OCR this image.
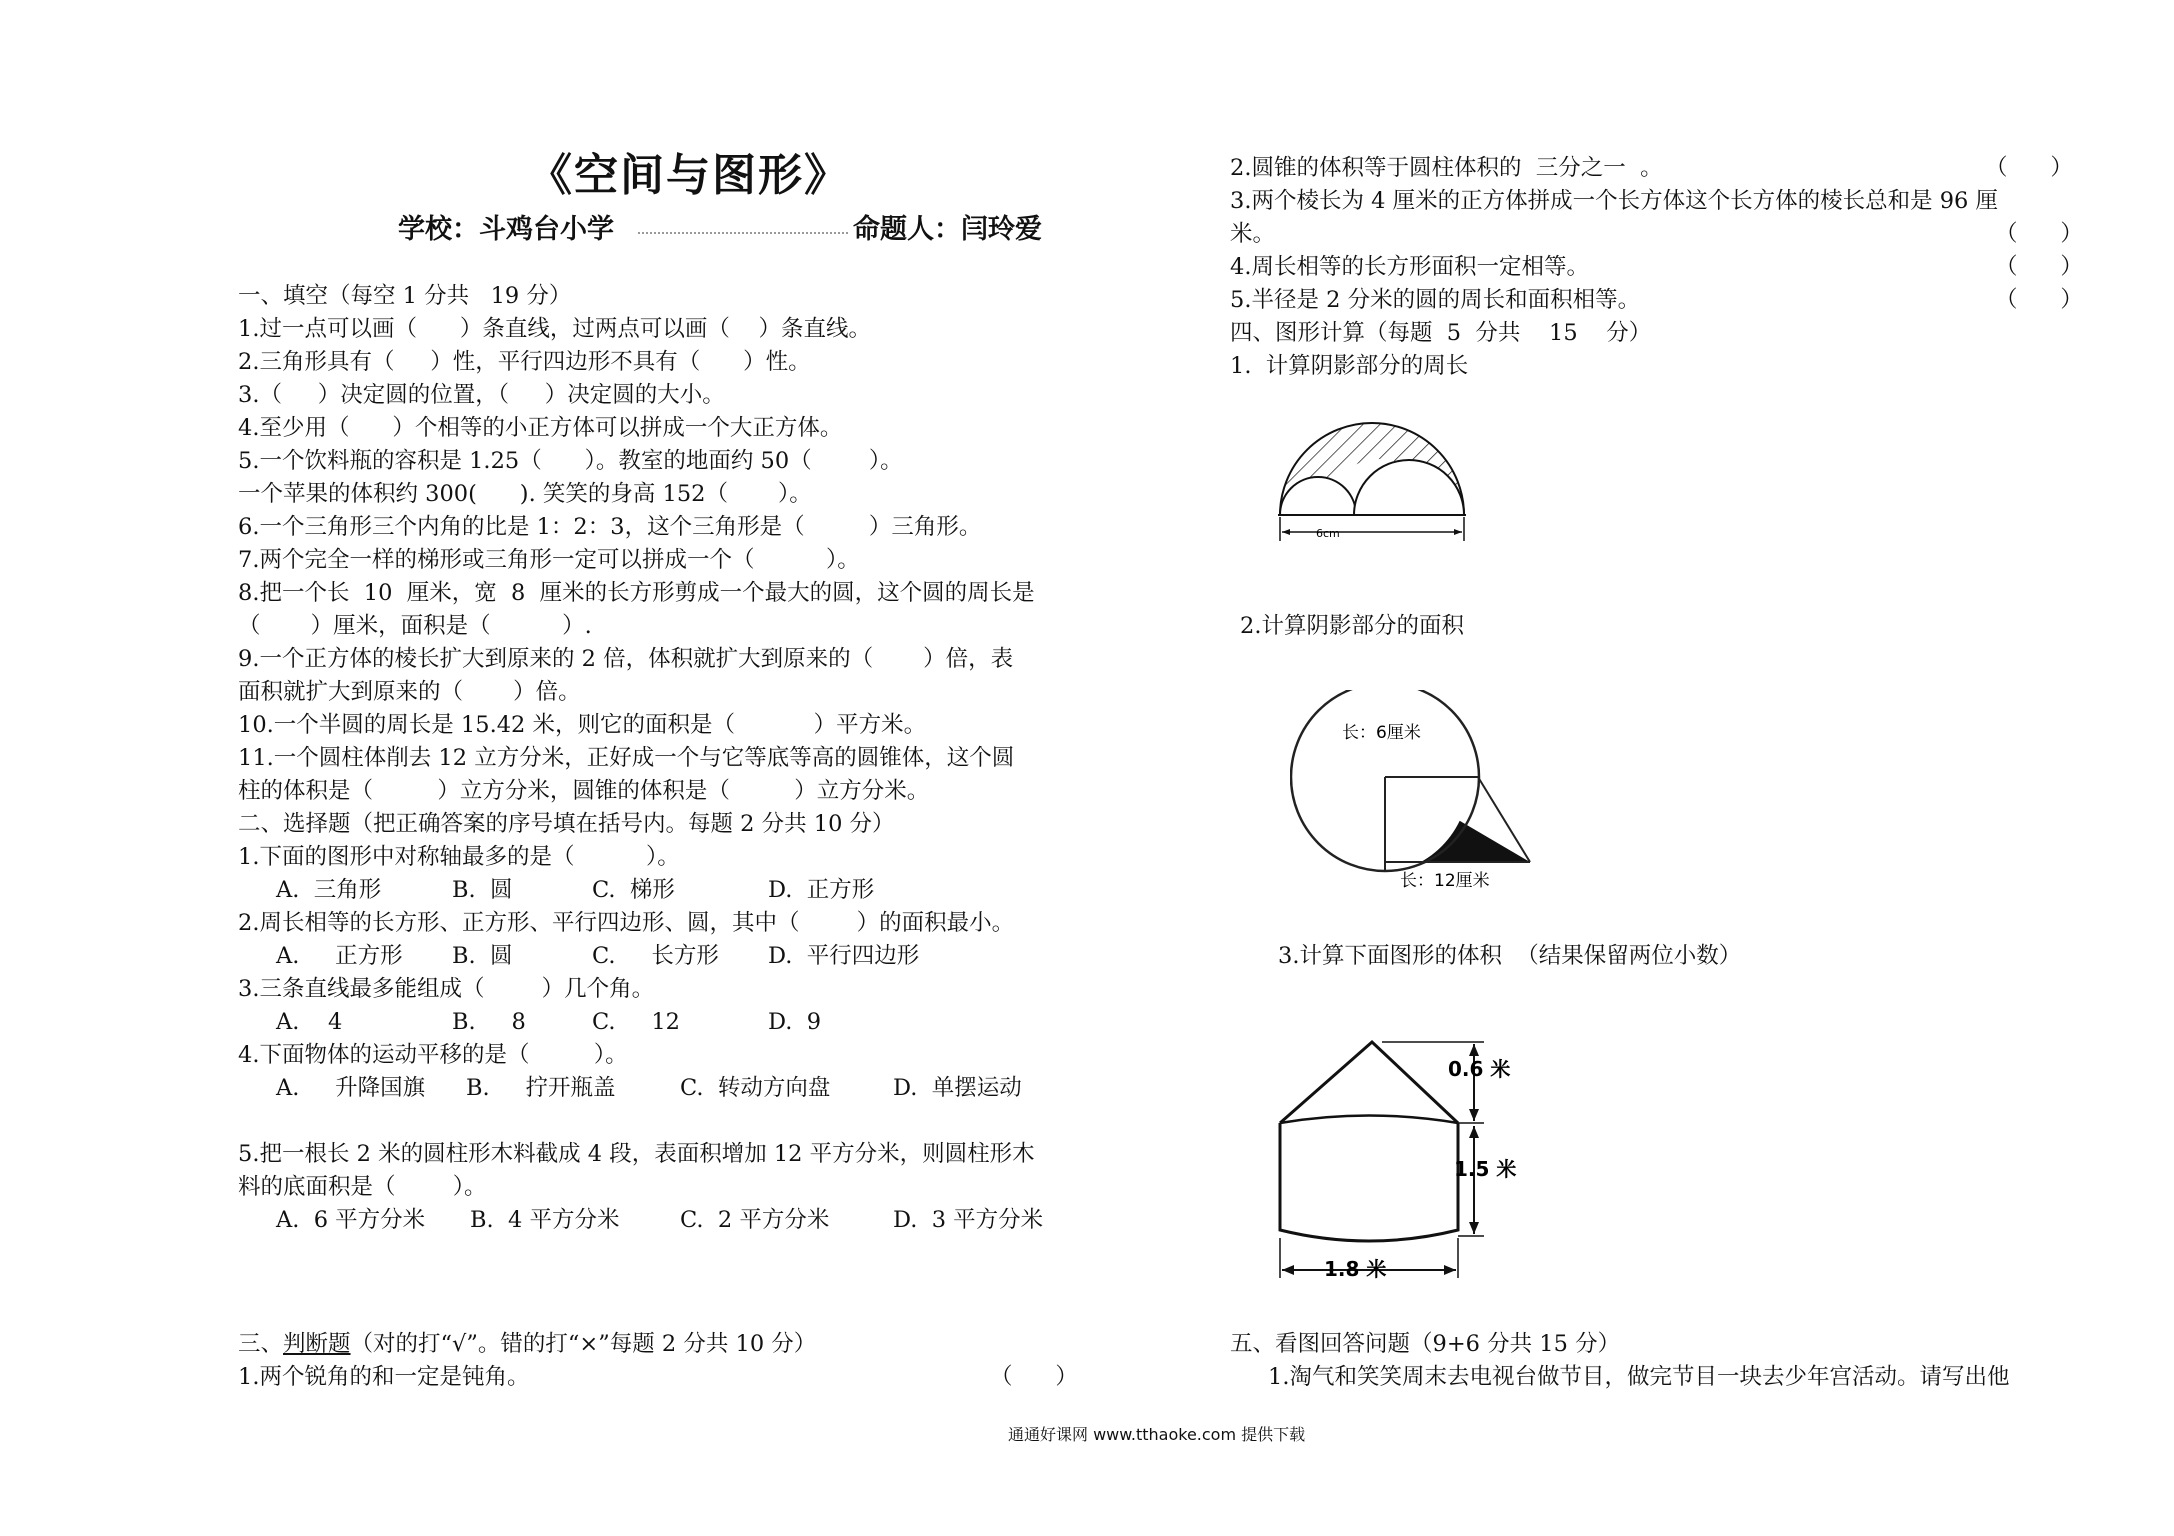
《空间与图形》
学校：斗鸡台小学	命题人：闫玲爱
一、填空（每空 1 分共   19 分）
1.过一点可以画（      ）条直线，过两点可以画（    ）条直线。
2.三角形具有（     ）性，平行四边形不具有（      ）性。
3.（     ）决定圆的位置，（     ）决定圆的大小。
4.至少用（      ）个相等的小正方体可以拼成一个大正方体。
5.一个饮料瓶的容积是 1.25（      ）。教室的地面约 50（        ）。
一个苹果的体积约 300(      ). 笑笑的身高 152（       ）。
6.一个三角形三个内角的比是 1：2：3，这个三角形是（         ）三角形。
7.两个完全一样的梯形或三角形一定可以拼成一个（          ）。
8.把一个长  10  厘米，宽  8  厘米的长方形剪成一个最大的圆，这个圆的周长是
（       ）厘米，面积是（          ）.
9.一个正方体的棱长扩大到原来的 2 倍，体积就扩大到原来的（       ）倍，表
面积就扩大到原来的（       ）倍。
10.一个半圆的周长是 15.42 米，则它的面积是（           ）平方米。
11.一个圆柱体削去 12 立方分米，正好成一个与它等底等高的圆锥体，这个圆
柱的体积是（         ）立方分米，圆锥的体积是（         ）立方分米。
二、选择题（把正确答案的序号填在括号内。每题 2 分共 10 分）
1.下面的图形中对称轴最多的是（          ）。
A.  三角形	B.  圆	C.  梯形	D.  正方形
2.周长相等的长方形、正方形、平行四边形、圆，其中（        ）的面积最小。
A.     正方形 B.  圆	C.     长方形 D.  平行四边形
3.三条直线最多能组成（        ）几个角。
A.    4	B.     8	C.     12	D.  9
4.下面物体的运动平移的是（         ）。
A.     升降国旗 B.     拧开瓶盖	C.  转动方向盘	D.  单摆运动
5.把一根长 2 米的圆柱形木料截成 4 段，表面积增加 12 平方分米，则圆柱形木
料的底面积是（        ）。
A.  6 平方分米 B.  4 平方分米	C.  2 平方分米	D.  3 平方分米
三、判断题（对的打“√”。错的打“×”每题 2 分共 10 分）
1.两个锐角的和一定是钝角。	（      ）
2.圆锥的体积等于圆柱体积的  三分之一  。	（      ）
3.两个棱长为 4 厘米的正方体拼成一个长方体这个长方体的棱长总和是 96 厘
米。	（      ）
4.周长相等的长方形面积一定相等。	（      ）
5.半径是 2 分米的圆的周长和面积相等。	（      ）
四、图形计算（每题  5  分共    15    分）
1.  计算阴影部分的周长
6cm
2.计算阴影部分的面积
长：6厘米
长：12厘米
3.计算下面图形的体积  （结果保留两位小数）
0.6 米
1.5 米
1.8 米
五、看图回答问题（9+6 分共 15 分）
1.淘气和笑笑周末去电视台做节目，做完节目一块去少年宫活动。请写出他
通通好课网 www.tthaoke.com 提供下载
